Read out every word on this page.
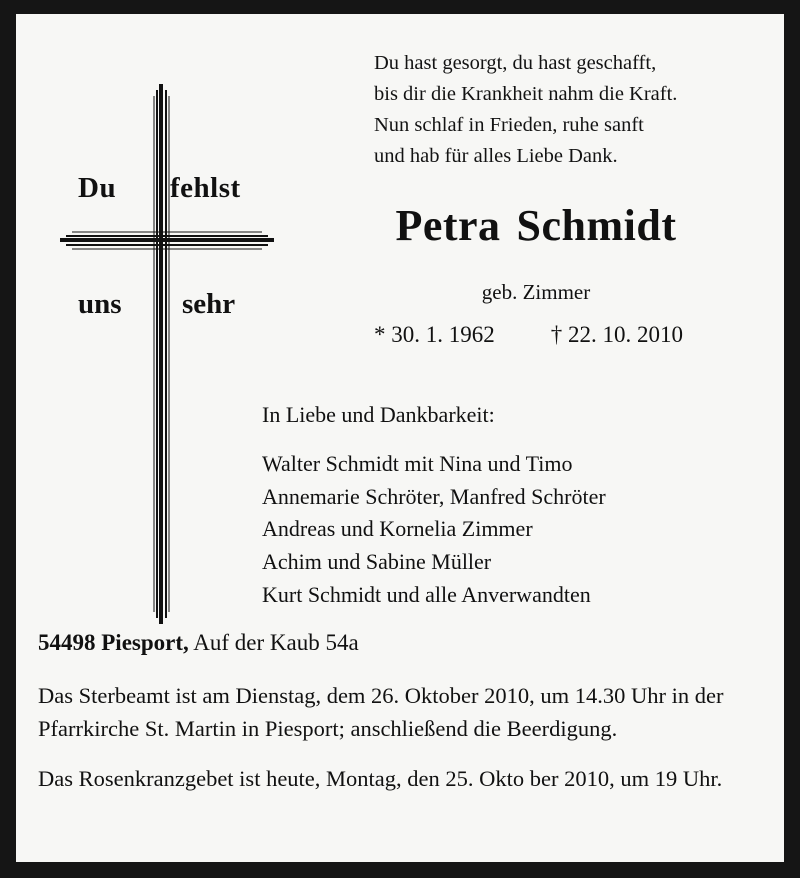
Du fehlst
uns sehr
Du hast gesorgt, du hast geschafft,
bis dir die Krankheit nahm die Kraft.
Nun schlaf in Frieden, ruhe sanft
und hab für alles Liebe Dank.
Petra Schmidt
geb. Zimmer
* 30. 1. 1962 † 22. 10. 2010
In Liebe und Dankbarkeit:
Walter Schmidt mit Nina und Timo
Annemarie Schröter, Manfred Schröter
Andreas und Kornelia Zimmer
Achim und Sabine Müller
Kurt Schmidt und alle Anverwandten
54498 Piesport, Auf der Kaub 54a
Das Sterbeamt ist am Dienstag, dem 26. Oktober 2010, um 14.30 Uhr in der Pfarrkirche St. Martin in Piesport; anschließend die Beerdigung.
Das Rosenkranzgebet ist heute, Montag, den 25. Okto ber 2010, um 19 Uhr.
